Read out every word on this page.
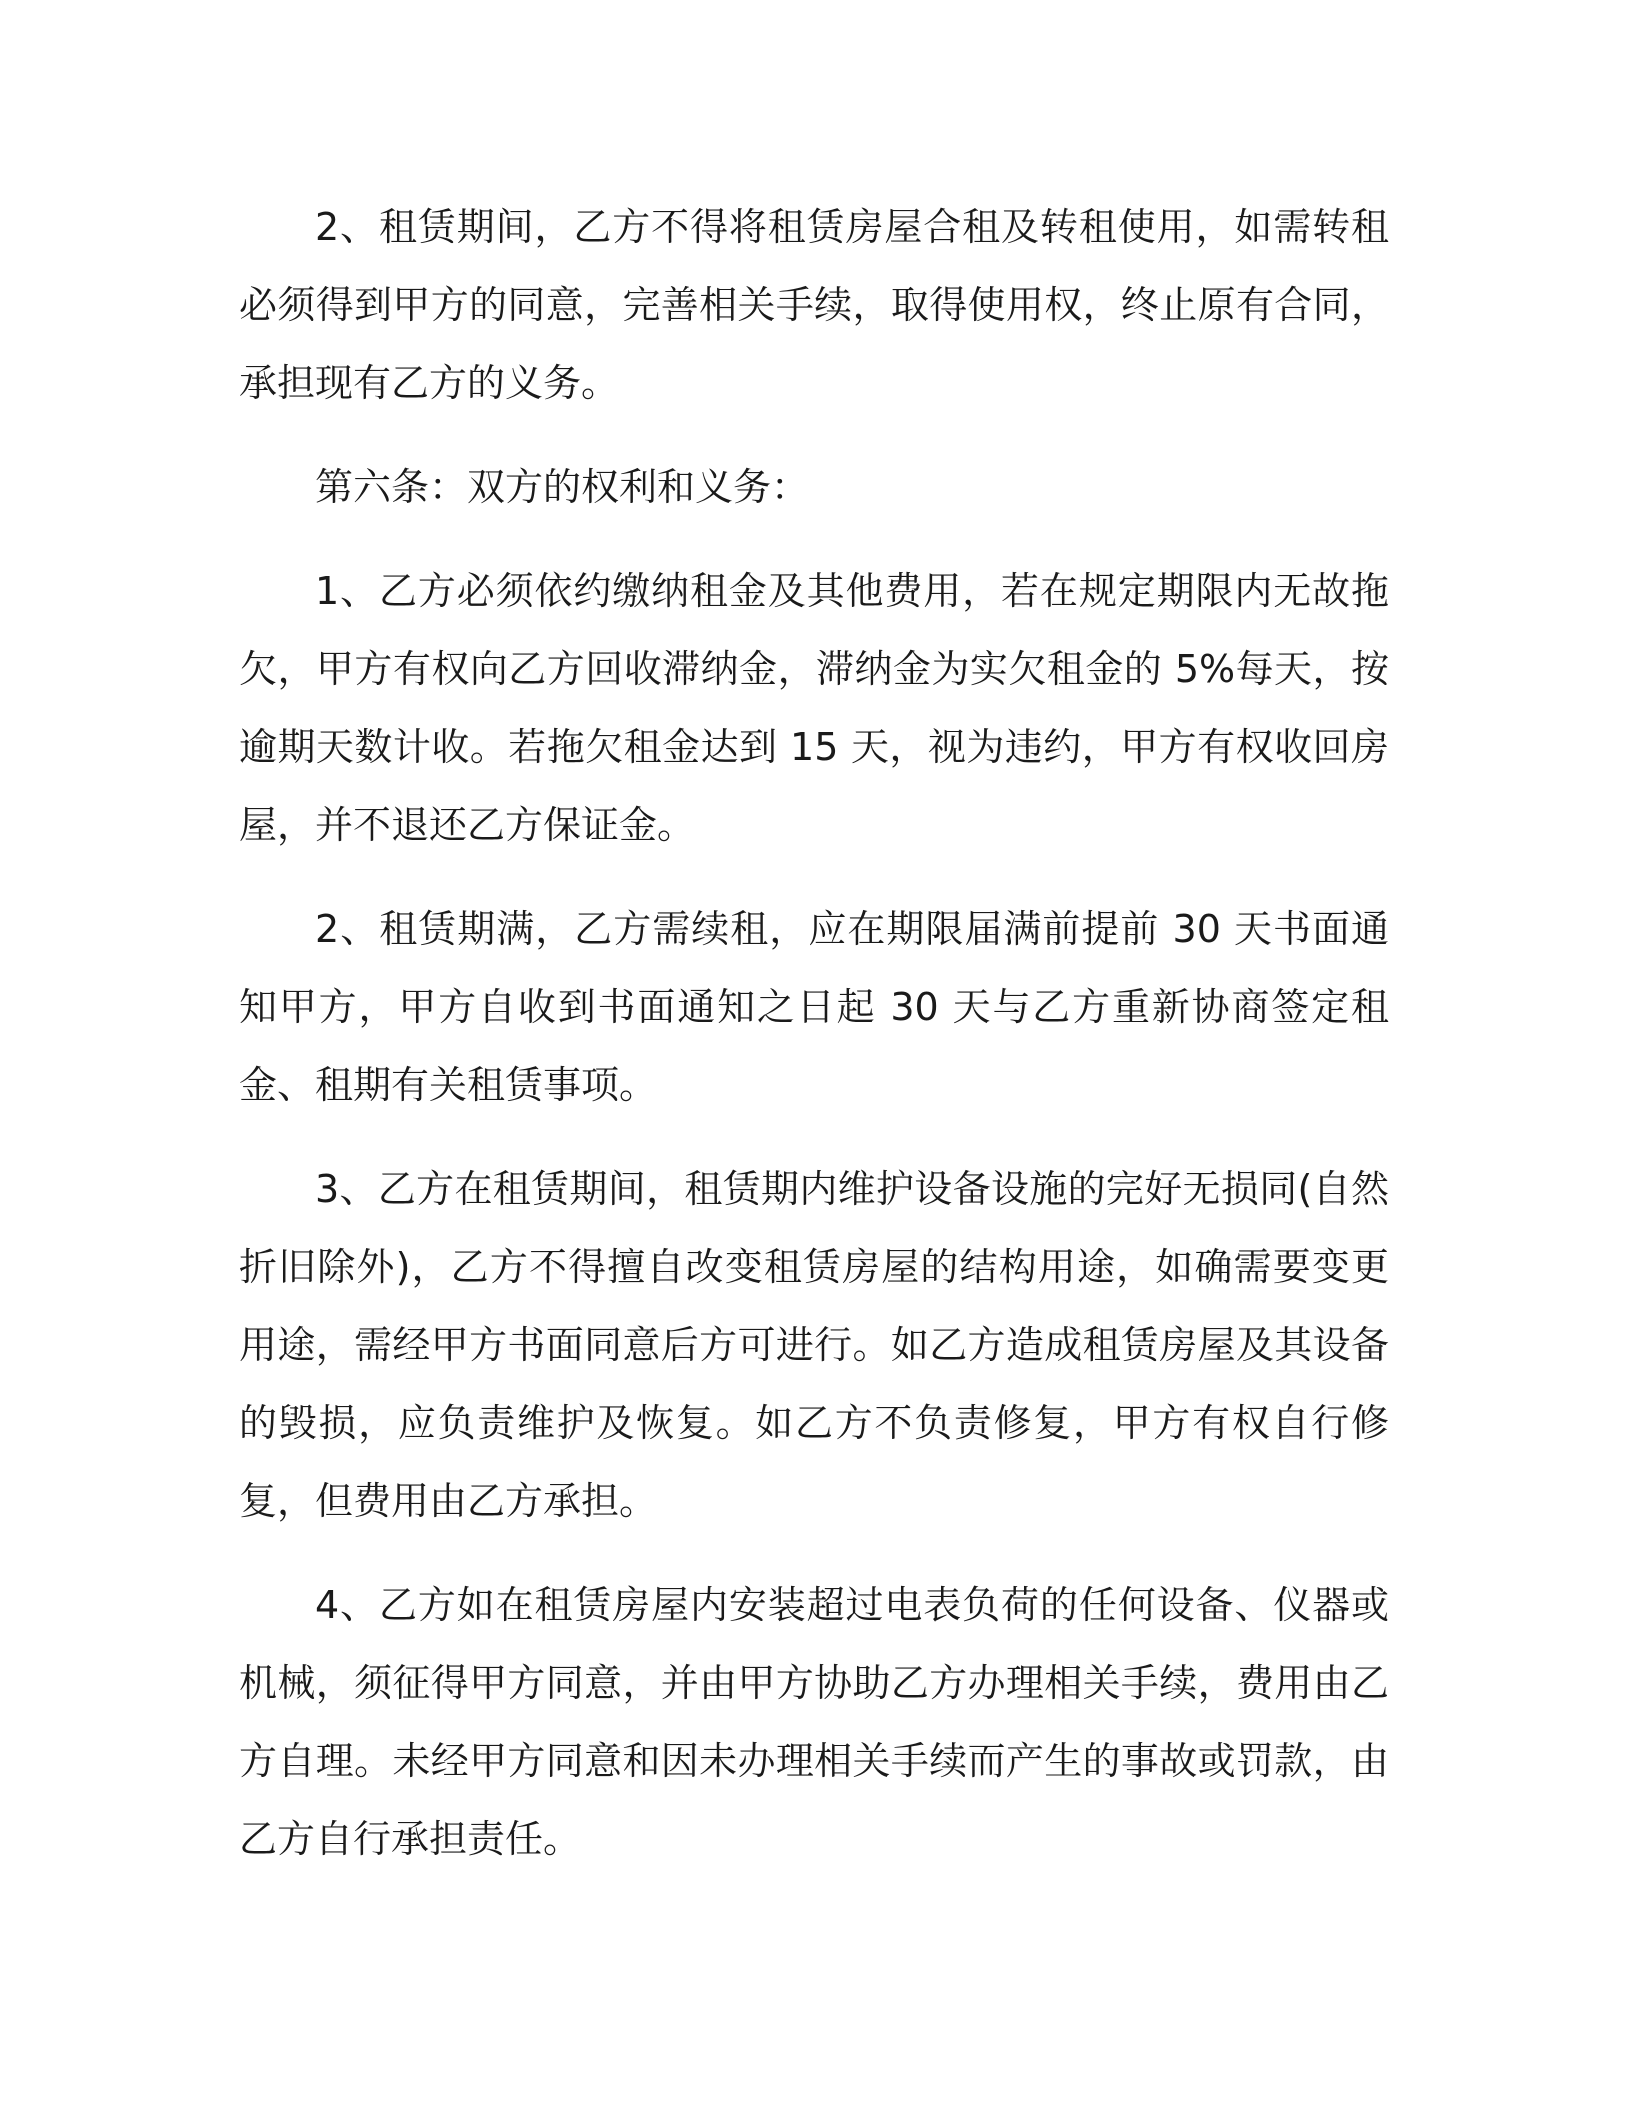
2、租赁期间，乙方不得将租赁房屋合租及转租使用，如需转租必须得到甲方的同意，完善相关手续，取得使用权，终止原有合同，承担现有乙方的义务。

第六条：双方的权利和义务：

1、乙方必须依约缴纳租金及其他费用，若在规定期限内无故拖欠，甲方有权向乙方回收滞纳金，滞纳金为实欠租金的 5%每天，按逾期天数计收。若拖欠租金达到 15 天，视为违约，甲方有权收回房屋，并不退还乙方保证金。

2、租赁期满，乙方需续租，应在期限届满前提前 30 天书面通知甲方，甲方自收到书面通知之日起 30 天与乙方重新协商签定租金、租期有关租赁事项。

3、乙方在租赁期间，租赁期内维护设备设施的完好无损同(自然折旧除外)，乙方不得擅自改变租赁房屋的结构用途，如确需要变更用途，需经甲方书面同意后方可进行。如乙方造成租赁房屋及其设备的毁损，应负责维护及恢复。如乙方不负责修复，甲方有权自行修复，但费用由乙方承担。

4、乙方如在租赁房屋内安装超过电表负荷的任何设备、仪器或机械，须征得甲方同意，并由甲方协助乙方办理相关手续，费用由乙方自理。未经甲方同意和因未办理相关手续而产生的事故或罚款，由乙方自行承担责任。
